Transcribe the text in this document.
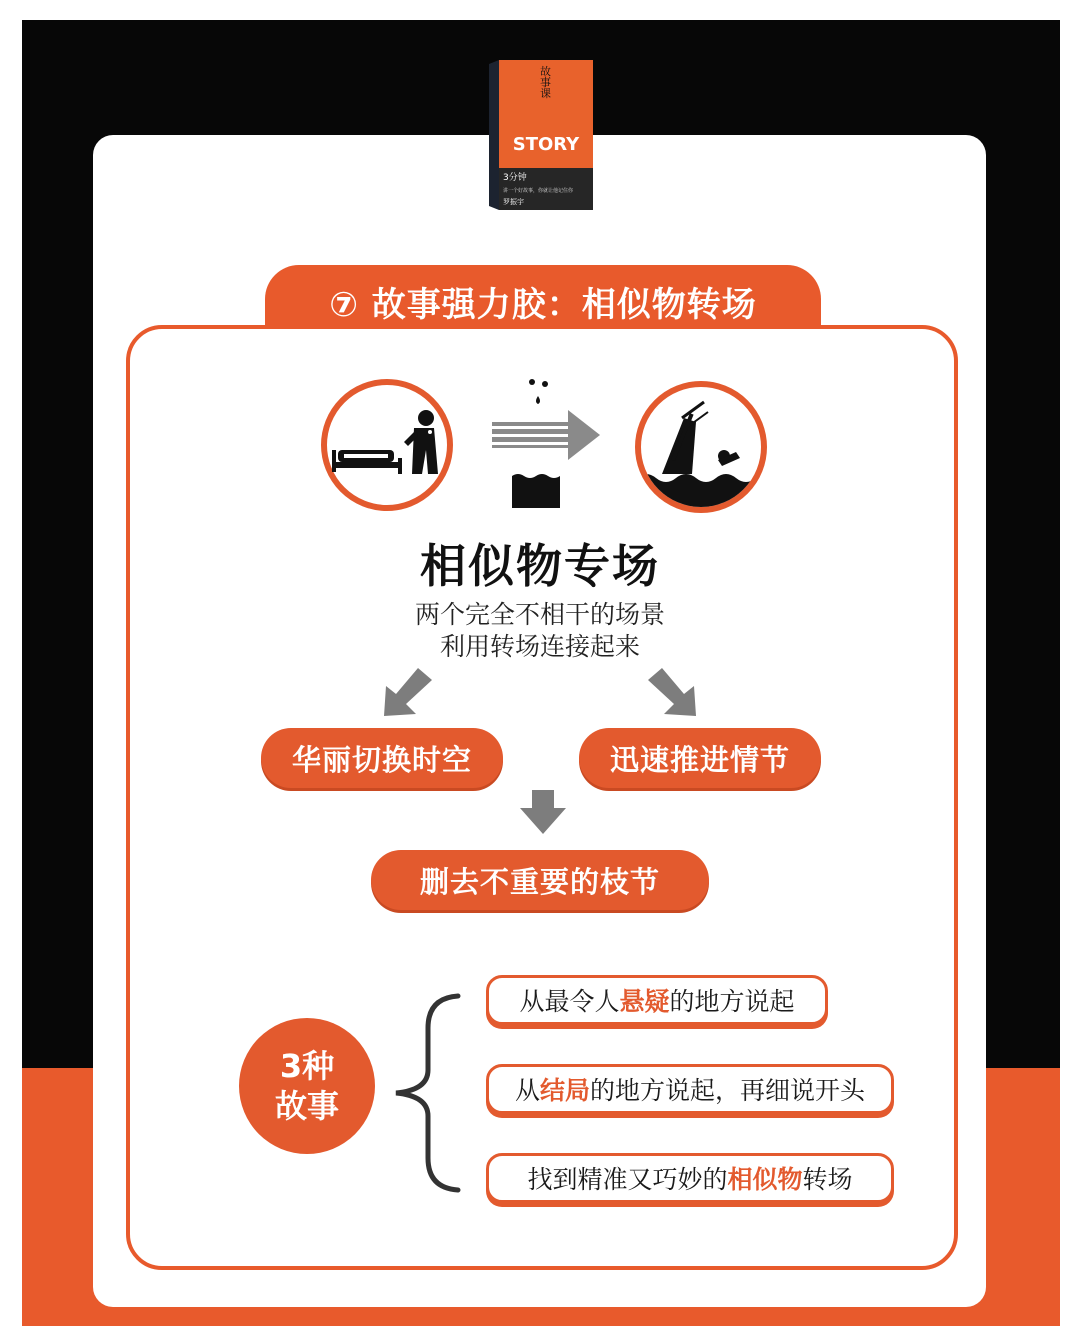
故事课
STORY
3分钟
讲一个好故事，你就让他记住你
罗振宇
⑦ 故事强力胶：相似物转场
相似物专场
两个完全不相干的场景
利用转场连接起来
华丽切换时空	迅速推进情节
删去不重要的枝节
3种
故事
从最令人 悬疑 的地方说起
从 结局 的地方说起，再细说开头
找到精准又巧妙的 相似物 转场
